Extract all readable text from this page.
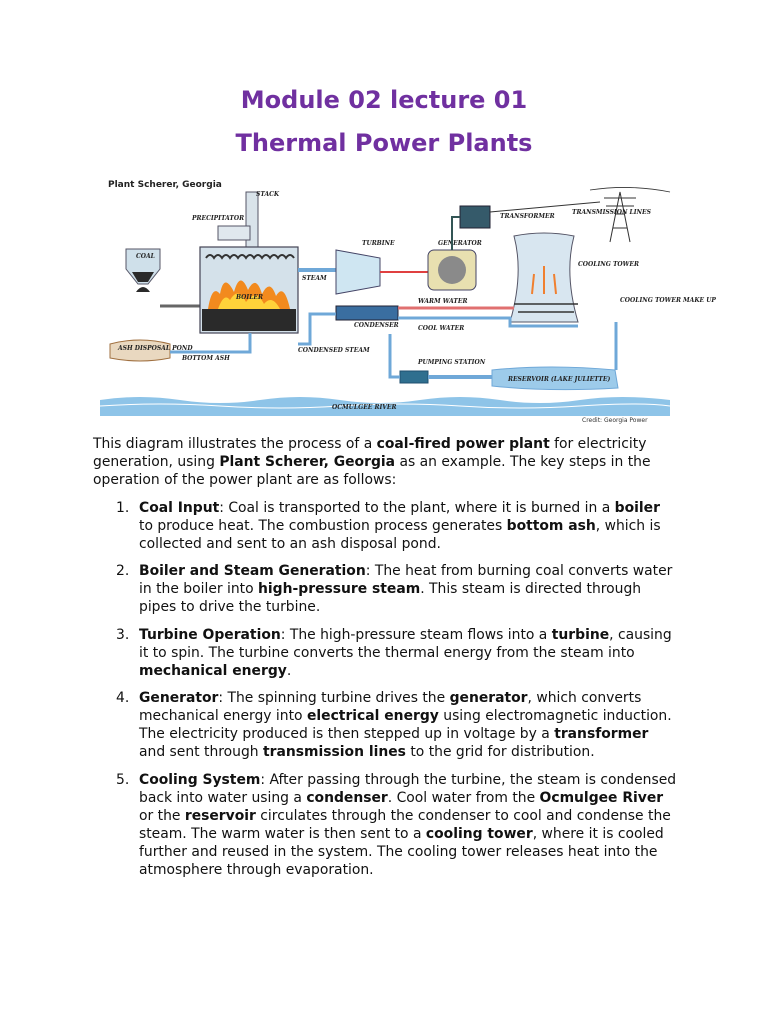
Module 02 lecture 01
Thermal Power Plants
Plant Scherer, Georgia
OCMULGEE RIVER
Credit: Georgia Power
RESERVOIR (LAKE JULIETTE)
PUMPING STATION
COAL
STACK
PRECIPITATOR
BOILER
ASH DISPOSAL POND
BOTTOM ASH
STEAM
TURBINE	GENERATOR
TRANSFORMER
TRANSMISSION LINES
COOLING TOWER
COOLING TOWER MAKE UP
CONDENSER
WARM WATER
COOL WATER
CONDENSED STEAM

This diagram illustrates the process of a coal-fired power plant for electricity generation, using Plant Scherer, Georgia as an example. The key steps in the operation of the power plant are as follows:

1. Coal Input: Coal is transported to the plant, where it is burned in a boiler to produce heat. The combustion process generates bottom ash, which is collected and sent to an ash disposal pond.
2. Boiler and Steam Generation: The heat from burning coal converts water in the boiler into high-pressure steam. This steam is directed through pipes to drive the turbine.
3. Turbine Operation: The high-pressure steam flows into a turbine, causing it to spin. The turbine converts the thermal energy from the steam into mechanical energy.
4. Generator: The spinning turbine drives the generator, which converts mechanical energy into electrical energy using electromagnetic induction. The electricity produced is then stepped up in voltage by a transformer and sent through transmission lines to the grid for distribution.
5. Cooling System: After passing through the turbine, the steam is condensed back into water using a condenser. Cool water from the Ocmulgee River or the reservoir circulates through the condenser to cool and condense the steam. The warm water is then sent to a cooling tower, where it is cooled further and reused in the system. The cooling tower releases heat into the atmosphere through evaporation.
